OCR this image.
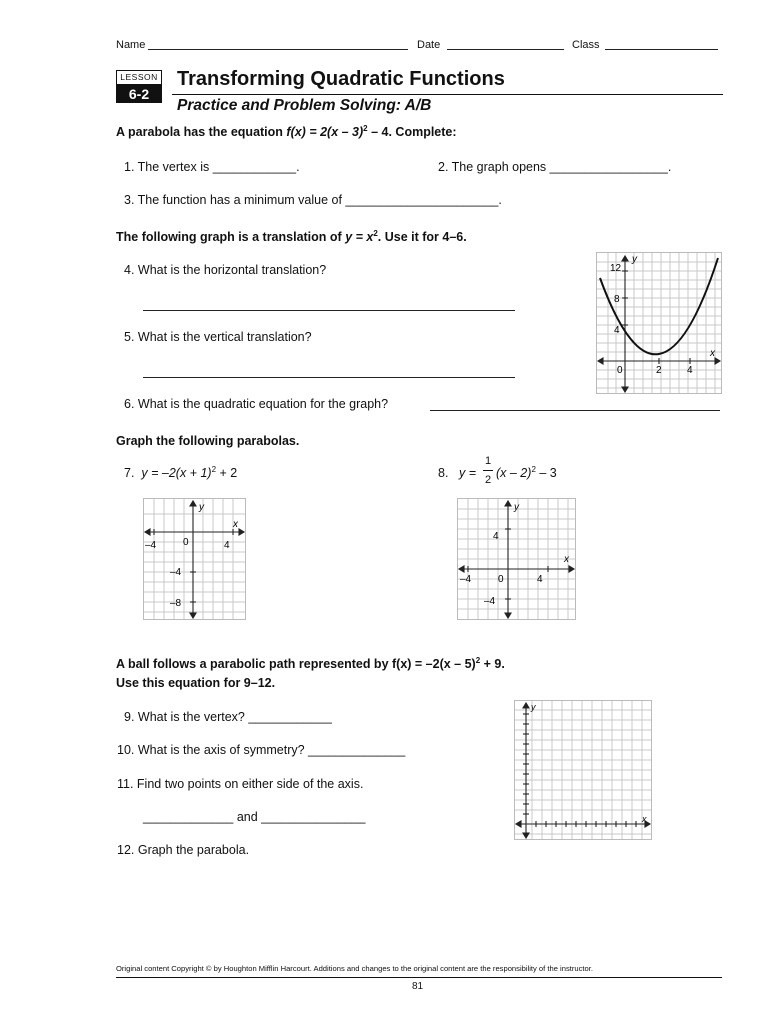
Name	Date	Class
LESSON
6-2
Transforming Quadratic Functions
Practice and Problem Solving: A/B
A parabola has the equation f(x) = 2(x – 3)$^2$ – 4. Complete:
1. The vertex is ____________.	2. The graph opens _________________.
3. The function has a minimum value of ______________________.
The following graph is a translation of $y = x^2$. Use it for 4–6.
4. What is the horizontal translation?
5. What is the vertical translation?
6. What is the quadratic equation for the graph?
y
x
12
8
4
0	2	4
Graph the following parabolas.
7. $y = -2(x + 1)^2 + 2$	8. y =
1
2 (x – 2)$^2$ – 3
y
x
–4	0	4
–4
–8
y
x
4
–4	0	4
–4
A ball follows a parabolic path represented by f(x) = –2(x – 5)$^2$ + 9.
Use this equation for 9–12.
9. What is the vertex? ____________
10. What is the axis of symmetry? ______________
11. Find two points on either side of the axis.
_____________ and _______________
12. Graph the parabola.
y
x
Original content Copyright © by Houghton Mifflin Harcourt. Additions and changes to the original content are the responsibility of the instructor.
81
